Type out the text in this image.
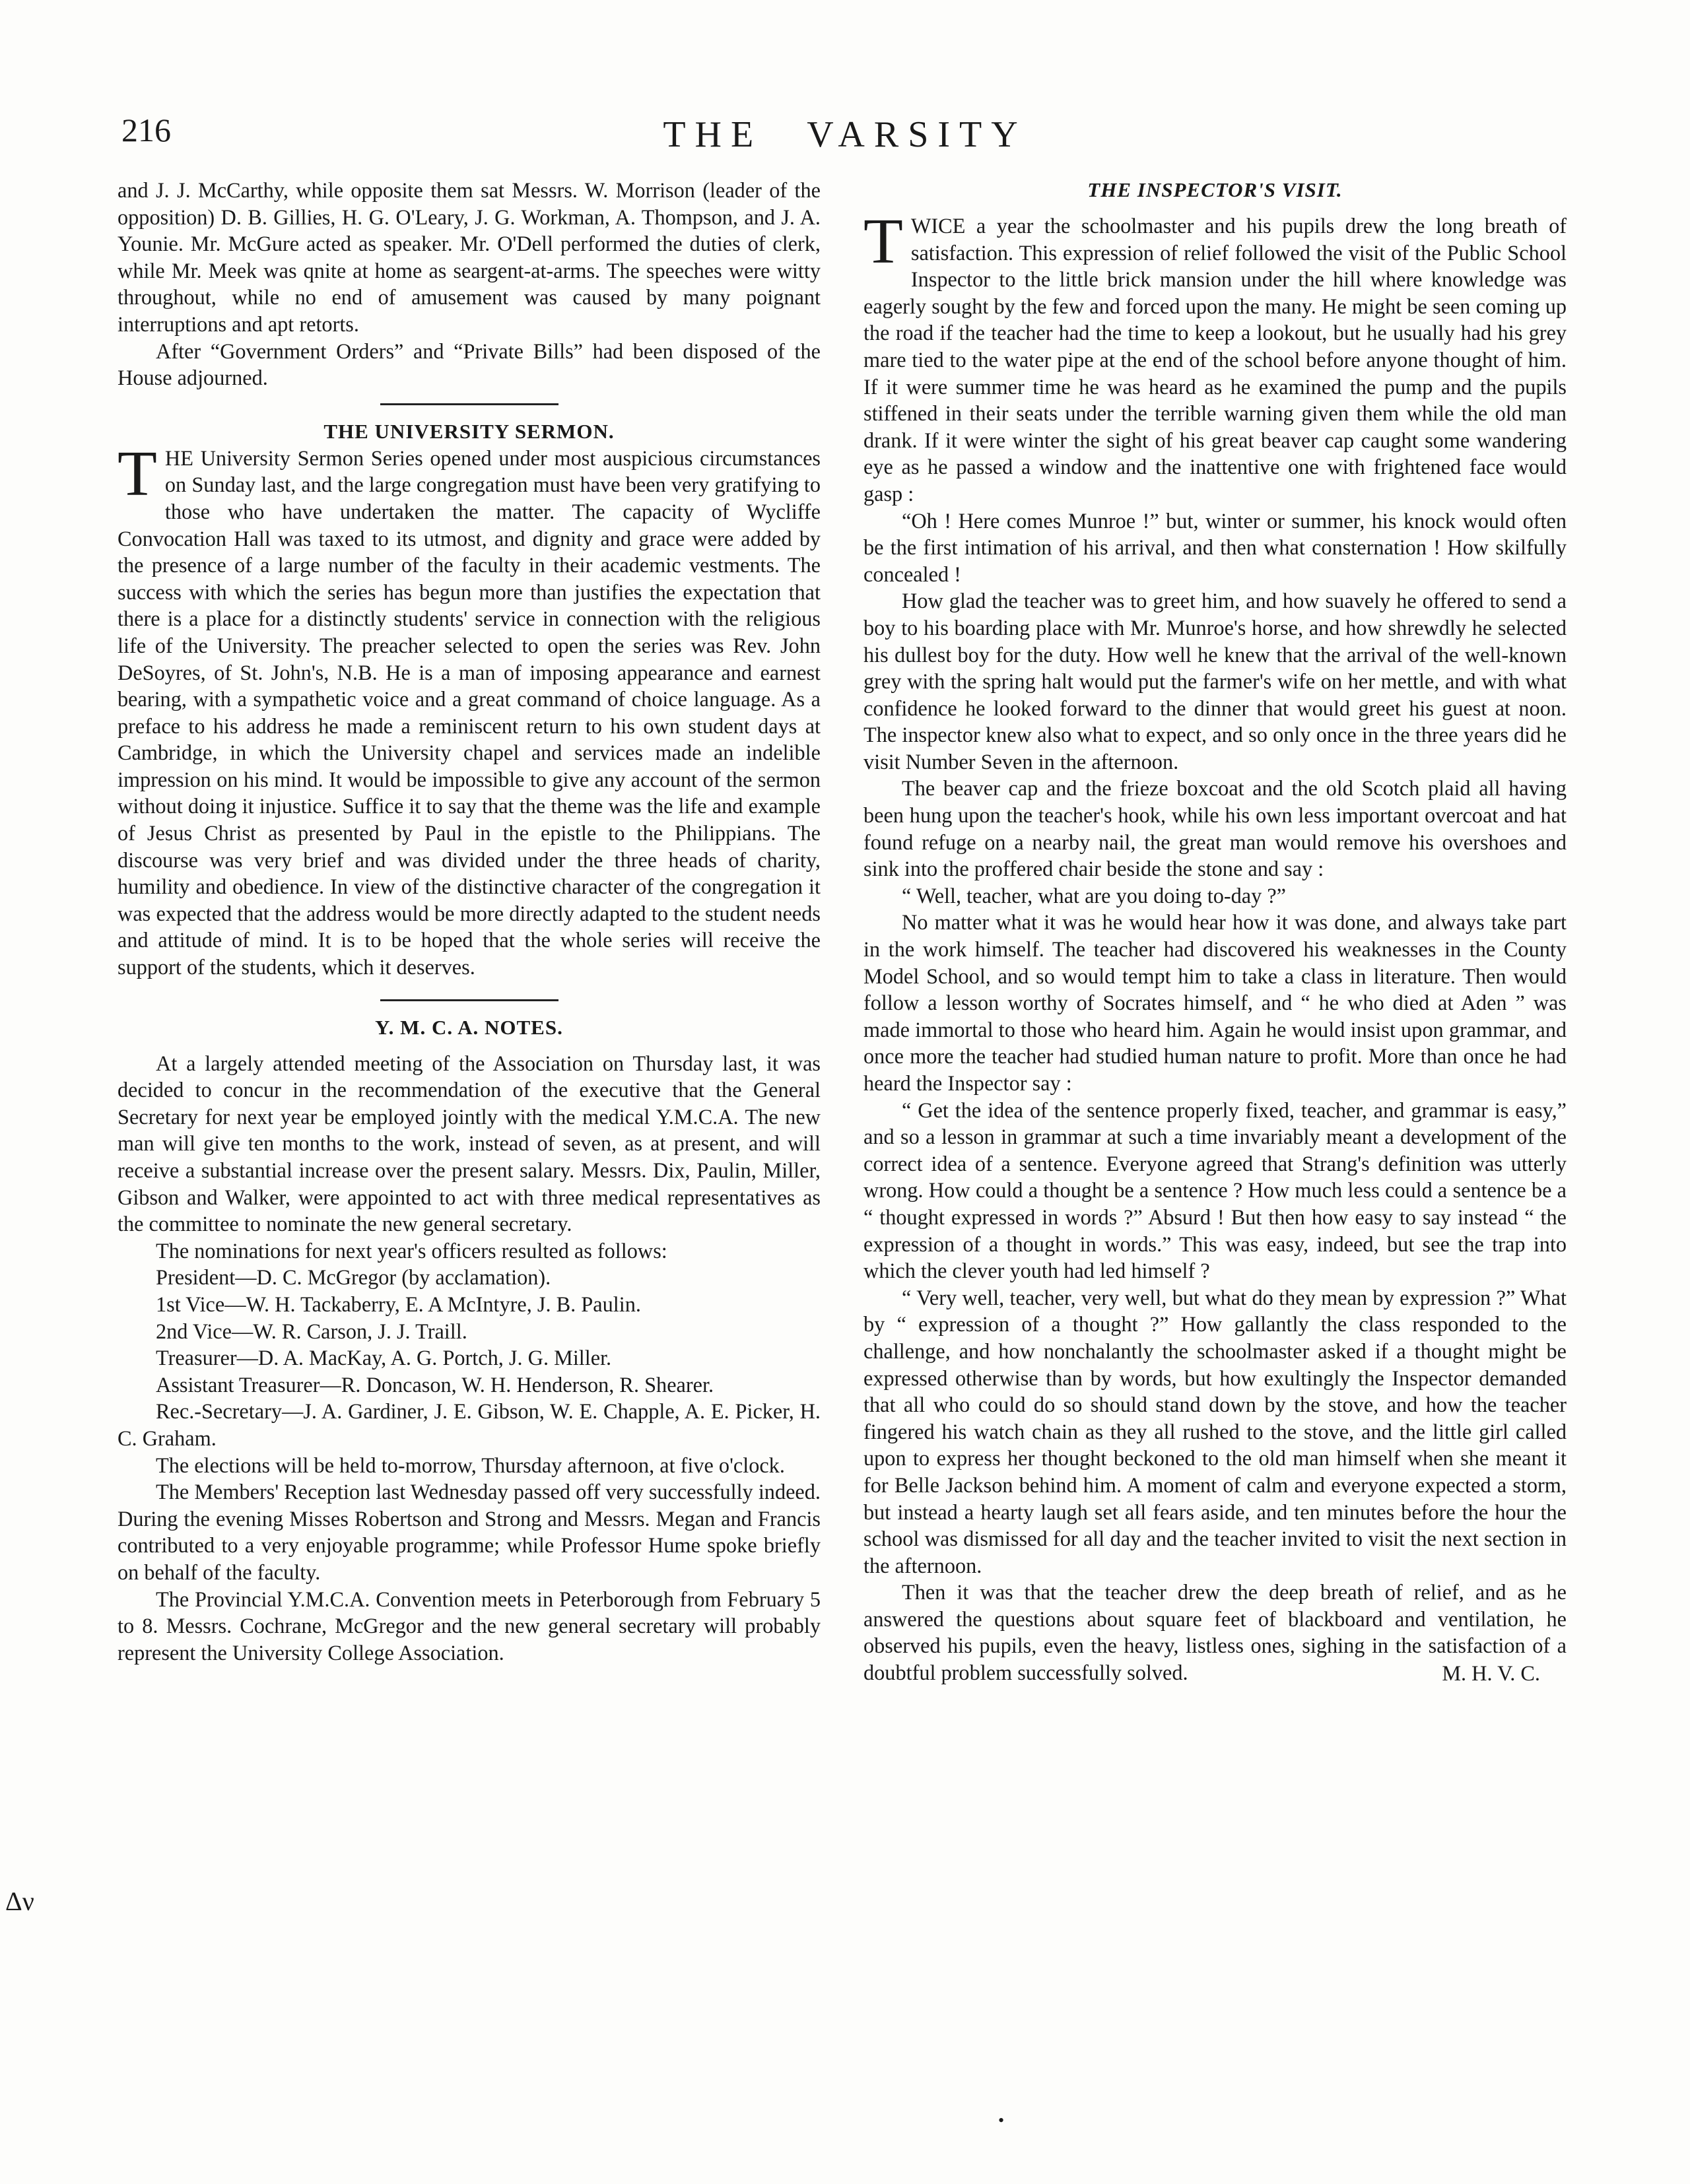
216	THE VARSITY
Δν

and J. J. McCarthy, while opposite them sat Messrs. W. Morrison (leader of the opposition) D. B. Gillies, H. G. O'Leary, J. G. Workman, A. Thompson, and J. A. Younie. Mr. McGure acted as speaker. Mr. O'Dell performed the duties of clerk, while Mr. Meek was qnite at home as seargent-at-arms. The speeches were witty throughout, while no end of amusement was caused by many poignant interruptions and apt retorts.

After “Government Orders” and “Private Bills” had been disposed of the House adjourned.

THE UNIVERSITY SERMON.

THE University Sermon Series opened under most auspicious circumstances on Sunday last, and the large congregation must have been very gratifying to those who have undertaken the matter. The capacity of Wycliffe Convocation Hall was taxed to its utmost, and dignity and grace were added by the presence of a large number of the faculty in their academic vestments. The success with which the series has begun more than justifies the expectation that there is a place for a distinctly students' service in connection with the religious life of the University. The preacher selected to open the series was Rev. John DeSoyres, of St. John's, N.B. He is a man of imposing appearance and earnest bearing, with a sympathetic voice and a great command of choice language. As a preface to his address he made a reminiscent return to his own student days at Cambridge, in which the University chapel and services made an indelible impression on his mind. It would be impossible to give any account of the sermon without doing it injustice. Suffice it to say that the theme was the life and example of Jesus Christ as presented by Paul in the epistle to the Philippians. The discourse was very brief and was divided under the three heads of charity, humility and obedience. In view of the distinctive character of the congregation it was expected that the address would be more directly adapted to the student needs and attitude of mind. It is to be hoped that the whole series will receive the support of the students, which it deserves.

Y. M. C. A. NOTES.

At a largely attended meeting of the Association on Thursday last, it was decided to concur in the recommendation of the executive that the General Secretary for next year be employed jointly with the medical Y.M.C.A. The new man will give ten months to the work, instead of seven, as at present, and will receive a substantial increase over the present salary. Messrs. Dix, Paulin, Miller, Gibson and Walker, were appointed to act with three medical representatives as the committee to nominate the new general secretary.

The nominations for next year's officers resulted as follows:

President—D. C. McGregor (by acclamation).

1st Vice—W. H. Tackaberry, E. A McIntyre, J. B. Paulin.

2nd Vice—W. R. Carson, J. J. Traill.

Treasurer—D. A. MacKay, A. G. Portch, J. G. Miller.

Assistant Treasurer—R. Doncason, W. H. Henderson, R. Shearer.

Rec.-Secretary—J. A. Gardiner, J. E. Gibson, W. E. Chapple, A. E. Picker, H. C. Graham.

The elections will be held to-morrow, Thursday afternoon, at five o'clock.

The Members' Reception last Wednesday passed off very successfully indeed. During the evening Misses Robertson and Strong and Messrs. Megan and Francis contributed to a very enjoyable programme; while Professor Hume spoke briefly on behalf of the faculty.

The Provincial Y.M.C.A. Convention meets in Peterborough from February 5 to 8. Messrs. Cochrane, McGregor and the new general secretary will probably represent the University College Association.

THE INSPECTOR'S VISIT.

TWICE a year the schoolmaster and his pupils drew the long breath of satisfaction. This expression of relief followed the visit of the Public School Inspector to the little brick mansion under the hill where knowledge was eagerly sought by the few and forced upon the many. He might be seen coming up the road if the teacher had the time to keep a lookout, but he usually had his grey mare tied to the water pipe at the end of the school before anyone thought of him. If it were summer time he was heard as he examined the pump and the pupils stiffened in their seats under the terrible warning given them while the old man drank. If it were winter the sight of his great beaver cap caught some wandering eye as he passed a window and the inattentive one with frightened face would gasp :

“Oh ! Here comes Munroe !” but, winter or summer, his knock would often be the first intimation of his arrival, and then what consternation ! How skilfully concealed !

How glad the teacher was to greet him, and how suavely he offered to send a boy to his boarding place with Mr. Munroe's horse, and how shrewdly he selected his dullest boy for the duty. How well he knew that the arrival of the well-known grey with the spring halt would put the farmer's wife on her mettle, and with what confidence he looked forward to the dinner that would greet his guest at noon. The inspector knew also what to expect, and so only once in the three years did he visit Number Seven in the afternoon.

The beaver cap and the frieze boxcoat and the old Scotch plaid all having been hung upon the teacher's hook, while his own less important overcoat and hat found refuge on a nearby nail, the great man would remove his overshoes and sink into the proffered chair beside the stone and say :

“ Well, teacher, what are you doing to-day ?”

No matter what it was he would hear how it was done, and always take part in the work himself. The teacher had discovered his weaknesses in the County Model School, and so would tempt him to take a class in literature. Then would follow a lesson worthy of Socrates himself, and “ he who died at Aden ” was made immortal to those who heard him. Again he would insist upon grammar, and once more the teacher had studied human nature to profit. More than once he had heard the Inspector say :

“ Get the idea of the sentence properly fixed, teacher, and grammar is easy,” and so a lesson in grammar at such a time invariably meant a development of the correct idea of a sentence. Everyone agreed that Strang's definition was utterly wrong. How could a thought be a sentence ? How much less could a sentence be a “ thought expressed in words ?” Absurd ! But then how easy to say instead “ the expression of a thought in words.” This was easy, indeed, but see the trap into which the clever youth had led himself ?

“ Very well, teacher, very well, but what do they mean by expression ?” What by “ expression of a thought ?” How gallantly the class responded to the challenge, and how nonchalantly the schoolmaster asked if a thought might be expressed otherwise than by words, but how exultingly the Inspector demanded that all who could do so should stand down by the stove, and how the teacher fingered his watch chain as they all rushed to the stove, and the little girl called upon to express her thought beckoned to the old man himself when she meant it for Belle Jackson behind him. A moment of calm and everyone expected a storm, but instead a hearty laugh set all fears aside, and ten minutes before the hour the school was dismissed for all day and the teacher invited to visit the next section in the afternoon.

Then it was that the teacher drew the deep breath of relief, and as he answered the questions about square feet of blackboard and ventilation, he observed his pupils, even the heavy, listless ones, sighing in the satisfaction of a doubtful problem successfully solved.	M. H. V. C.

•
